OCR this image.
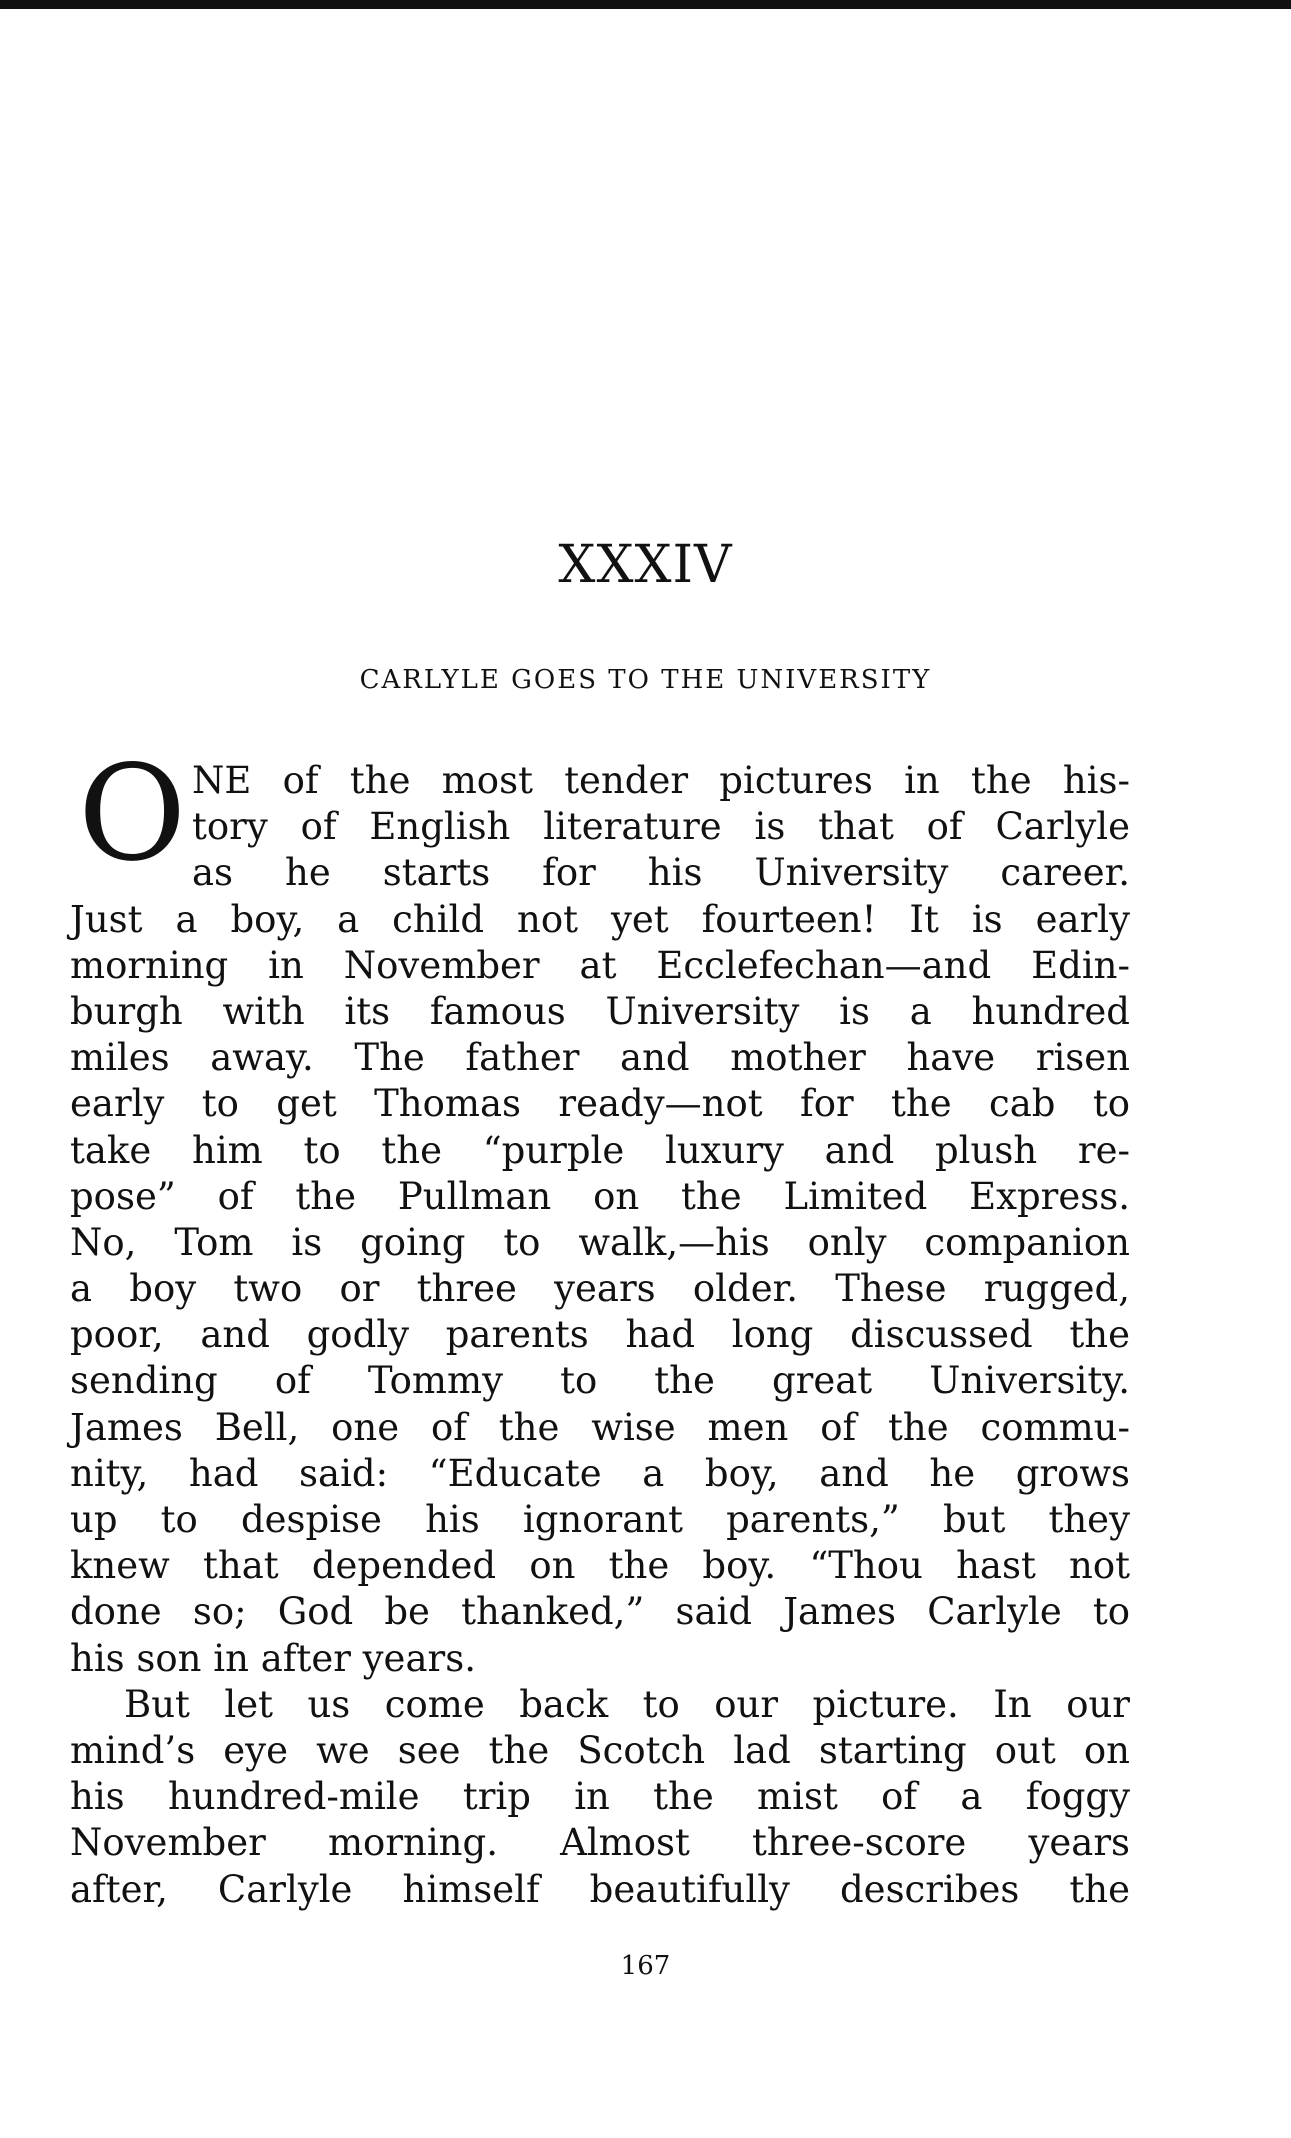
XXXIV
CARLYLE GOES TO THE UNIVERSITY
O NE of the most tender pictures in the his-
tory of English literature is that of Carlyle
as he starts for his University career.
Just a boy, a child not yet fourteen! It is early
morning in November at Ecclefechan—and Edin-
burgh with its famous University is a hundred
miles away. The father and mother have risen
early to get Thomas ready—not for the cab to
take him to the “purple luxury and plush re-
pose” of the Pullman on the Limited Express.
No, Tom is going to walk,—his only companion
a boy two or three years older. These rugged,
poor, and godly parents had long discussed the
sending of Tommy to the great University.
James Bell, one of the wise men of the commu-
nity, had said: “Educate a boy, and he grows
up to despise his ignorant parents,” but they
knew that depended on the boy. “Thou hast not
done so; God be thanked,” said James Carlyle to
his son in after years.
But let us come back to our picture. In our
mind’s eye we see the Scotch lad starting out on
his hundred-mile trip in the mist of a foggy
November morning. Almost three-score years
after, Carlyle himself beautifully describes the
167
